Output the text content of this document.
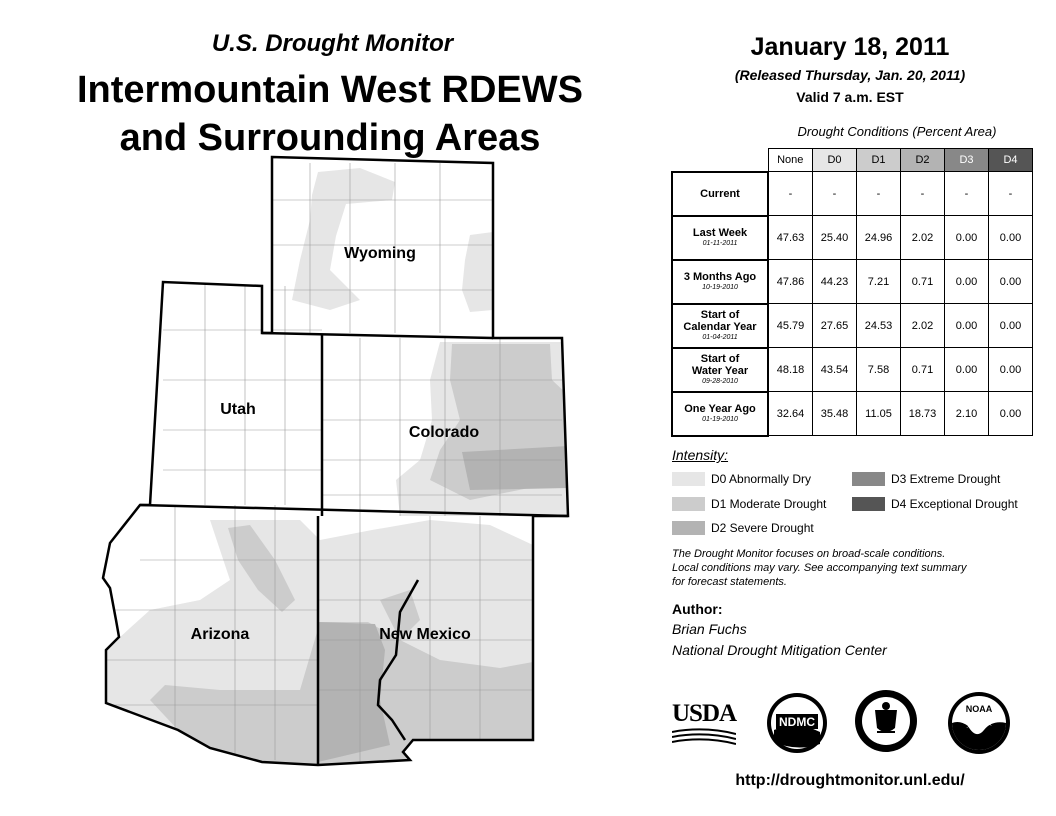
U.S. Drought Monitor
Intermountain West RDEWS
and Surrounding Areas
Wyoming
Utah
Colorado
Arizona	New Mexico
January 18, 2011
(Released Thursday, Jan. 20, 2011)
Valid 7 a.m. EST
Drought Conditions (Percent Area)
	None	D0	D1	D2	D3	D4

Current	-	-	-	-	-	-

Last Week
01-11-2011	47.63	25.40	24.96	2.02	0.00	0.00

3 Months Ago
10-19-2010	47.86	44.23	7.21	0.71	0.00	0.00

Start of
Calendar Year
01-04-2011	45.79	27.65	24.53	2.02	0.00	0.00

Start of
Water Year
09-28-2010	48.18	43.54	7.58	0.71	0.00	0.00

One Year Ago
01-19-2010	32.64	35.48	11.05	18.73	2.10	0.00
Intensity:
D0 Abnormally Dry
D1 Moderate Drought
D2 Severe Drought
D3 Extreme Drought
D4 Exceptional Drought
The Drought Monitor focuses on broad-scale conditions.
Local conditions may vary. See accompanying text summary
for forecast statements.
Author:
Brian Fuchs
National Drought Mitigation Center
USDA	NDMC
NOAA
http://droughtmonitor.unl.edu/
